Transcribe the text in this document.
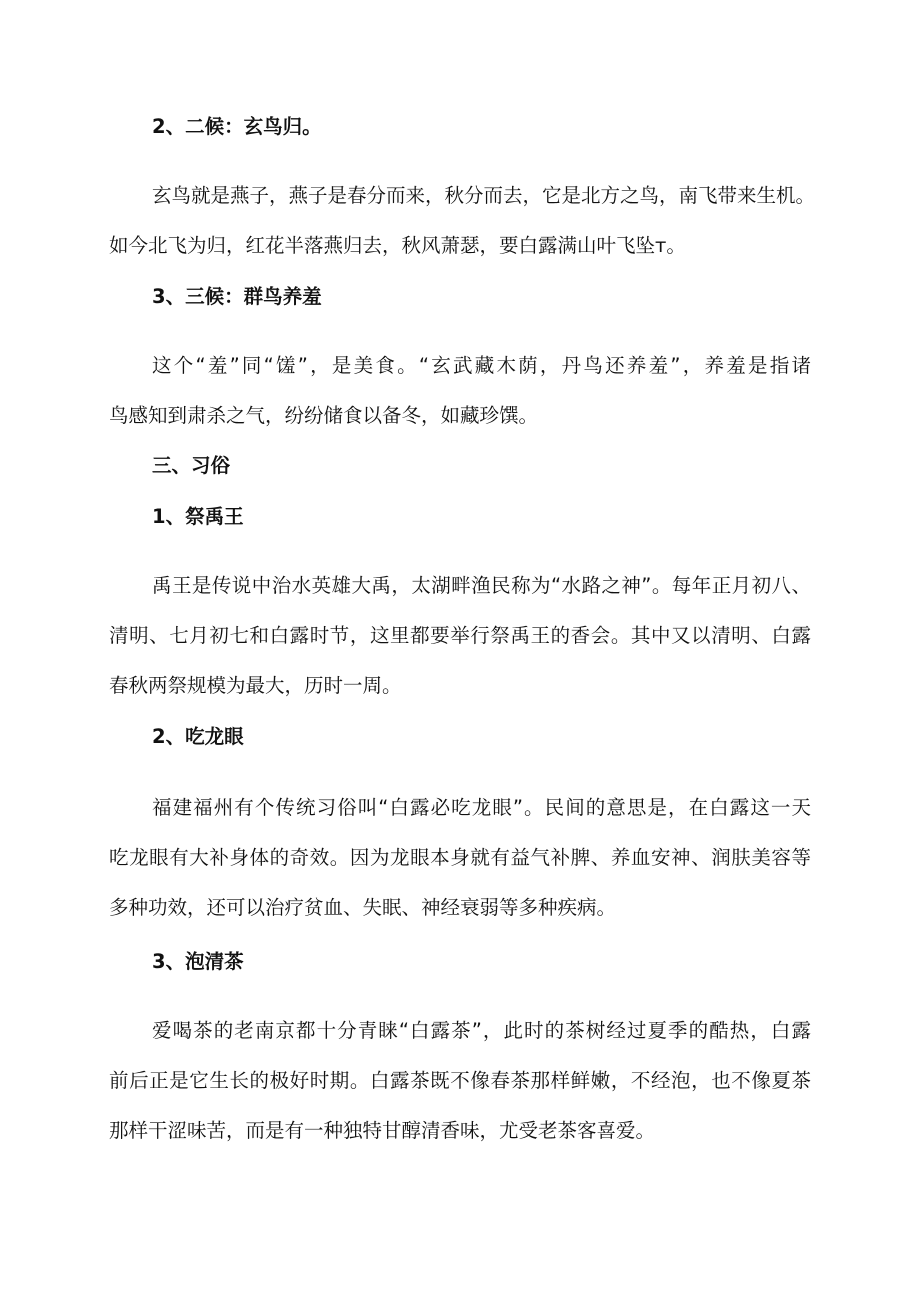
2、二候：玄鸟归。
玄鸟就是燕子，燕子是春分而来，秋分而去，它是北方之鸟，南飞带来生机。
如今北飞为归，红花半落燕归去，秋风萧瑟，要白露满山叶飞坠т。
3、三候：群鸟养羞
这个“羞”同“馐”，是美食。“玄武藏木荫，丹鸟还养羞”，养羞是指诸
鸟感知到肃杀之气，纷纷储食以备冬，如藏珍馔。
三、习俗
1、祭禹王
禹王是传说中治水英雄大禹，太湖畔渔民称为“水路之神”。每年正月初八、
清明、七月初七和白露时节，这里都要举行祭禹王的香会。其中又以清明、白露
春秋两祭规模为最大，历时一周。
2、吃龙眼
福建福州有个传统习俗叫“白露必吃龙眼”。民间的意思是，在白露这一天
吃龙眼有大补身体的奇效。因为龙眼本身就有益气补脾、养血安神、润肤美容等
多种功效，还可以治疗贫血、失眠、神经衰弱等多种疾病。
3、泡清茶
爱喝茶的老南京都十分青睐“白露茶”，此时的茶树经过夏季的酷热，白露
前后正是它生长的极好时期。白露茶既不像春茶那样鲜嫩，不经泡，也不像夏茶
那样干涩味苦，而是有一种独特甘醇清香味，尤受老茶客喜爱。
